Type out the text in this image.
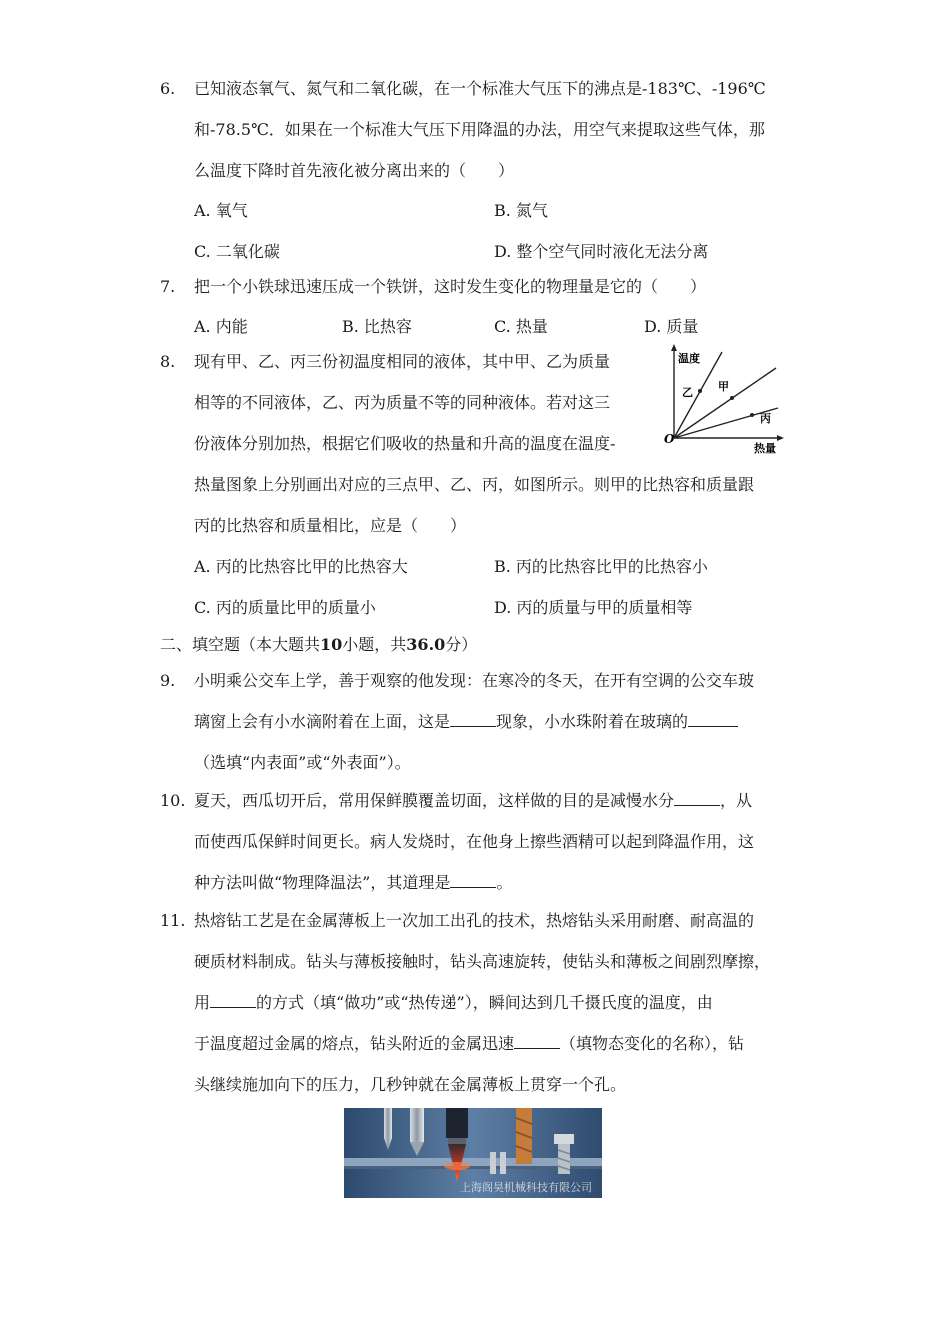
6. 已知液态氧气、氮气和二氧化碳，在一个标准大气压下的沸点是-183℃、-196℃
和-78.5℃．如果在一个标准大气压下用降温的办法，用空气来提取这些气体，那
么温度下降时首先液化被分离出来的（　　）
A. 氧气	B. 氮气
C. 二氧化碳	D. 整个空气同时液化无法分离
7. 把一个小铁球迅速压成一个铁饼，这时发生变化的物理量是它的（　　）
A. 内能	B. 比热容	C. 热量	D. 质量
8. 现有甲、乙、丙三份初温度相同的液体，其中甲、乙为质量
相等的不同液体，乙、丙为质量不等的同种液体。若对这三
份液体分别加热，根据它们吸收的热量和升高的温度在温度-
热量图象上分别画出对应的三点甲、乙、丙，如图所示。则甲的比热容和质量跟
丙的比热容和质量相比，应是（　　）
温度
热量
O
乙 甲
丙
A. 丙的比热容比甲的比热容大	B. 丙的比热容比甲的比热容小
C. 丙的质量比甲的质量小	D. 丙的质量与甲的质量相等
二、填空题（本大题共10小题，共36.0分）
9. 小明乘公交车上学，善于观察的他发现：在寒冷的冬天，在开有空调的公交车玻
璃窗上会有小水滴附着在上面，这是	现象，小水珠附着在玻璃的
（选填“内表面”或“外表面”）。
10. 夏天，西瓜切开后，常用保鲜膜覆盖切面，这样做的目的是减慢水分	，从
而使西瓜保鲜时间更长。病人发烧时，在他身上擦些酒精可以起到降温作用，这
种方法叫做“物理降温法”，其道理是	。
11. 热熔钻工艺是在金属薄板上一次加工出孔的技术，热熔钻头采用耐磨、耐高温的
硬质材料制成。钻头与薄板接触时，钻头高速旋转，使钻头和薄板之间剧烈摩擦，
用	的方式（填“做功”或“热传递”），瞬间达到几千摄氏度的温度，由
于温度超过金属的熔点，钻头附近的金属迅速	（填物态变化的名称），钻
头继续施加向下的压力，几秒钟就在金属薄板上贯穿一个孔。
上海阁昊机械科技有限公司
